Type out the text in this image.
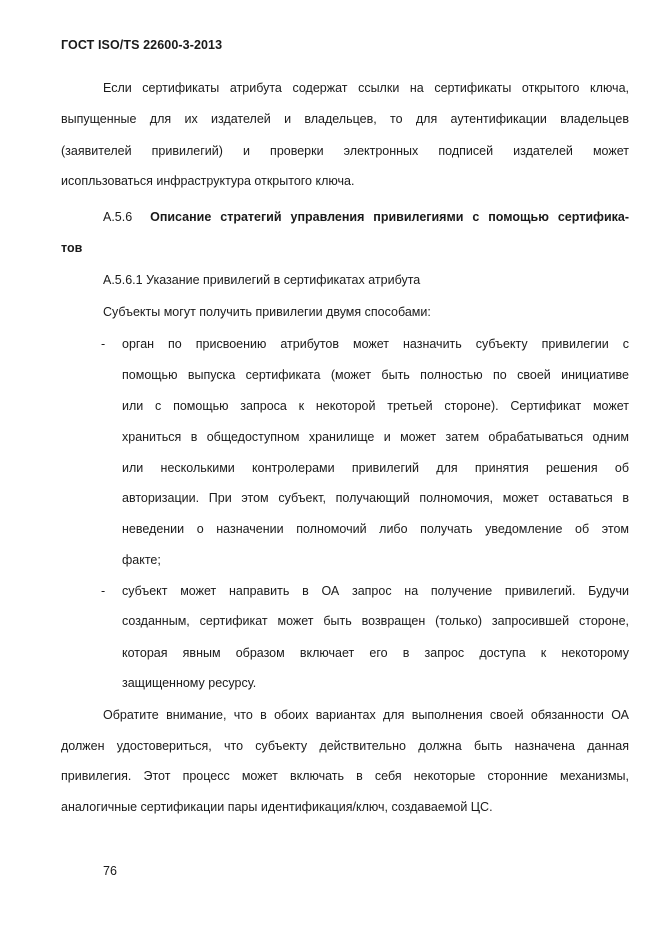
ГОСТ ISO/TS 22600-3-2013
Если сертификаты атрибута содержат ссылки на сертификаты открытого ключа,
выпущенные для их издателей и владельцев, то для аутентификации владельцев
(заявителей привилегий) и проверки электронных подписей издателей может
исопльзоваться инфраструктура открытого ключа.
А.5.6 Описание стратегий управления привилегиями с помощью сертифика-
тов
А.5.6.1 Указание привилегий в сертификатах атрибута
Субъекты могут получить привилегии двумя способами:
- орган по присвоению атрибутов может назначить субъекту привилегии с
помощью выпуска сертификата (может быть полностью по своей инициативе
или с помощью запроса к некоторой третьей стороне). Сертификат может
храниться в общедоступном хранилище и может затем обрабатываться одним
или несколькими контролерами привилегий для принятия решения об
авторизации. При этом субъект, получающий полномочия, может оставаться в
неведении о назначении полномочий либо получать уведомление об этом
факте;
- субъект может направить в ОА запрос на получение привилегий. Будучи
созданным, сертификат может быть возвращен (только) запросившей стороне,
которая явным образом включает его в запрос доступа к некоторому
защищенному ресурсу.
Обратите внимание, что в обоих вариантах для выполнения своей обязанности ОА
должен удостовериться, что субъекту действительно должна быть назначена данная
привилегия. Этот процесс может включать в себя некоторые сторонние механизмы,
аналогичные сертификации пары идентификация/ключ, создаваемой ЦС.
76
